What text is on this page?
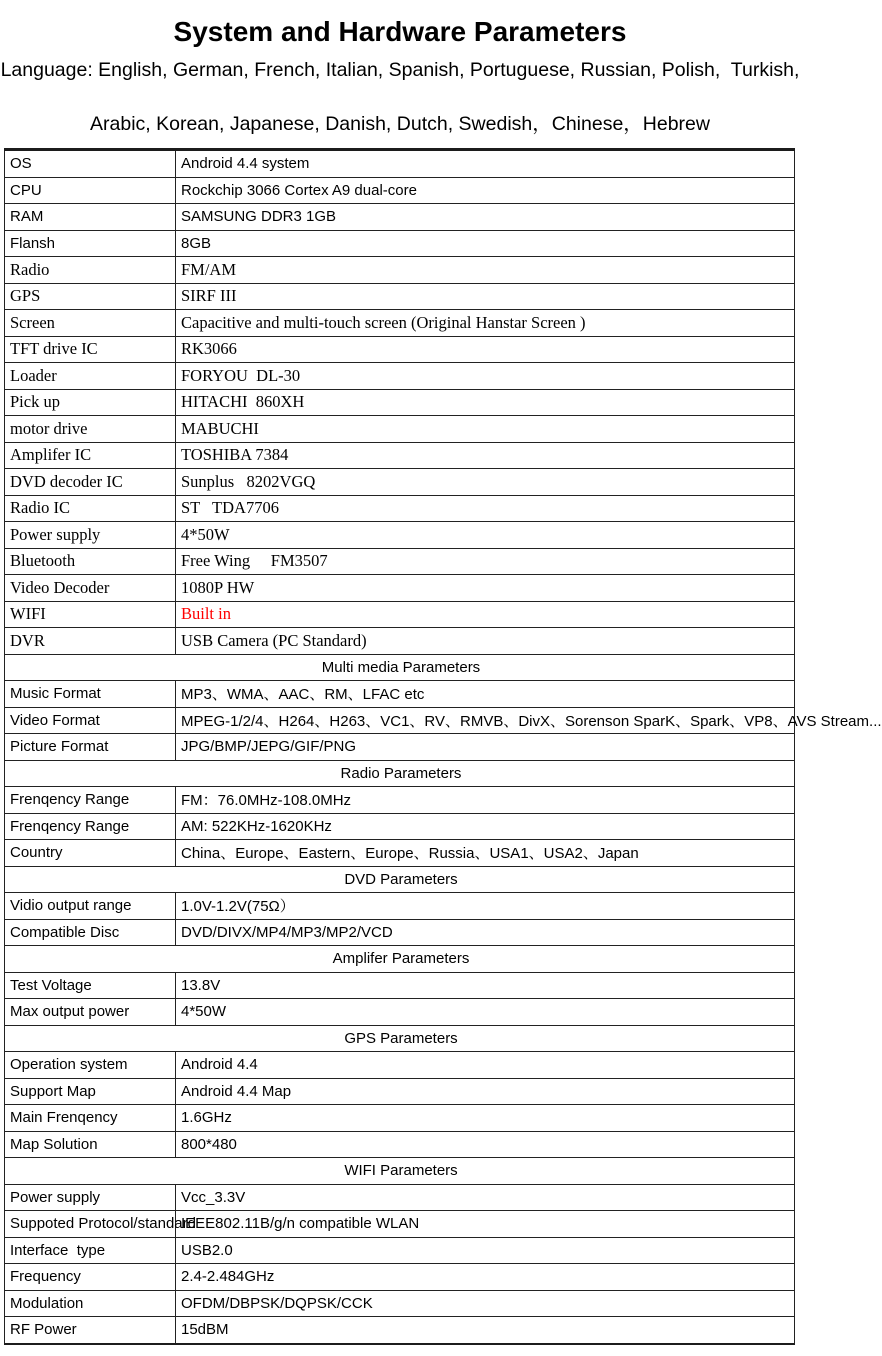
System and Hardware Parameters
Language: English, German, French, Italian, Spanish, Portuguese, Russian, Polish,  Turkish,

Arabic, Korean, Japanese, Danish, Dutch, Swedish，Chinese，Hebrew
OS	Android 4.4 system
CPU	Rockchip 3066 Cortex A9 dual-core
RAM	SAMSUNG DDR3 1GB
Flansh	8GB
Radio	FM/AM
GPS	SIRF III
Screen	Capacitive and multi-touch screen (Original Hanstar Screen )
TFT drive IC	RK3066
Loader	FORYOU  DL-30
Pick up	HITACHI  860XH
motor drive	MABUCHI
Amplifer IC	TOSHIBA 7384
DVD decoder IC	Sunplus   8202VGQ
Radio IC	ST   TDA7706
Power supply	4*50W
Bluetooth	Free Wing     FM3507
Video Decoder	1080P HW
WIFI	Built in
DVR	USB Camera (PC Standard)
Multi media Parameters	
Music Format	MP3、WMA、AAC、RM、LFAC etc
Video Format	MPEG-1/2/4、H264、H263、VC1、RV、RMVB、DivX、Sorenson SparK、Spark、VP8、AVS Stream...
Picture Format	JPG/BMP/JEPG/GIF/PNG
Radio Parameters	
Frenqency Range	FM：76.0MHz-108.0MHz
Frenqency Range	AM: 522KHz-1620KHz
Country	China、Europe、Eastern、Europe、Russia、USA1、USA2、Japan
DVD Parameters	
Vidio output range	1.0V-1.2V(75Ω）
Compatible Disc	DVD/DIVX/MP4/MP3/MP2/VCD
Amplifer Parameters	
Test Voltage	13.8V
Max output power	4*50W
GPS Parameters	
Operation system	Android 4.4
Support Map	Android 4.4 Map
Main Frenqency	1.6GHz
Map Solution	800*480
WIFI Parameters	
Power supply	Vcc_3.3V
Suppoted Protocol/standard	IEEE802.11B/g/n compatible WLAN
Interface  type	USB2.0
Frequency	2.4-2.484GHz
Modulation	OFDM/DBPSK/DQPSK/CCK
RF Power	15dBM
